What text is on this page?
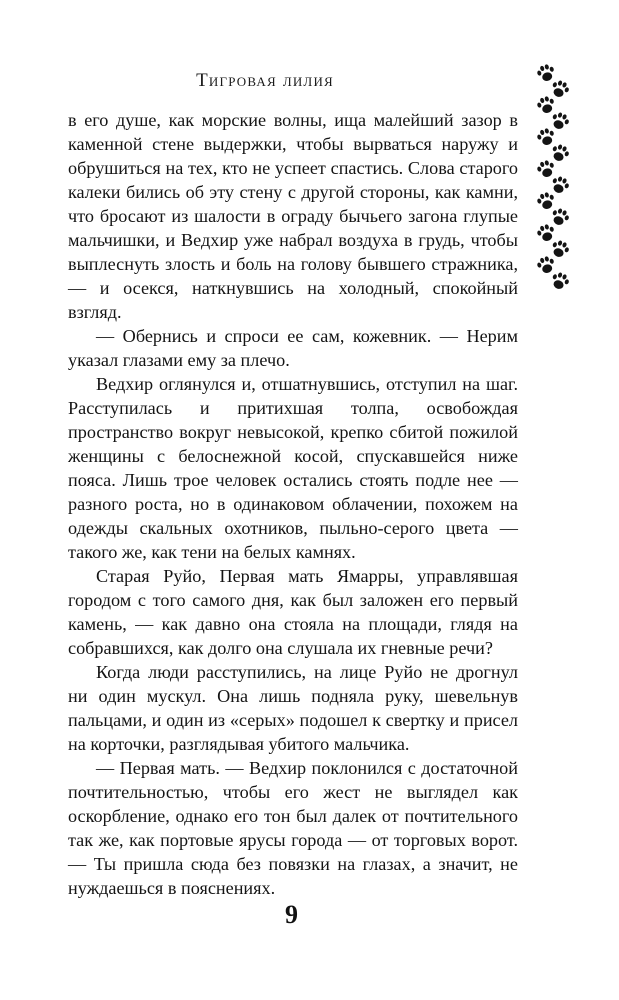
Тигровая лилия

в его душе, как морские волны, ища малейший зазор в каменной стене выдержки, чтобы вырваться наружу и обрушиться на тех, кто не успеет спастись. Слова старого калеки бились об эту стену с другой стороны, как камни, что бросают из шалости в ограду бычьего загона глупые мальчишки, и Ведхир уже набрал воздуха в грудь, чтобы выплеснуть злость и боль на голову бывшего стражника, — и осекся, наткнувшись на холодный, спокойный взгляд.

— Обернись и спроси ее сам, кожевник. — Нерим указал глазами ему за плечо.

Ведхир оглянулся и, отшатнувшись, отступил на шаг. Расступилась и притихшая толпа, освобождая пространство вокруг невысокой, крепко сбитой пожилой женщины с белоснежной косой, спускавшейся ниже пояса. Лишь трое человек остались стоять подле нее — разного роста, но в одинаковом облачении, похожем на одежды скальных охотников, пыльно-серого цвета — такого же, как тени на белых камнях.

Старая Руйо, Первая мать Ямарры, управлявшая городом с того самого дня, как был заложен его первый камень, — как давно она стояла на площади, глядя на собравшихся, как долго она слушала их гневные речи?

Когда люди расступились, на лице Руйо не дрогнул ни один мускул. Она лишь подняла руку, шевельнув пальцами, и один из «серых» подошел к свертку и присел на корточки, разглядывая убитого мальчика.

— Первая мать. — Ведхир поклонился с достаточной почтительностью, чтобы его жест не выглядел как оскорбление, однако его тон был далек от почтительного так же, как портовые ярусы города — от торговых ворот. — Ты пришла сюда без повязки на глазах, а значит, не нуждаешься в пояснениях.

9
